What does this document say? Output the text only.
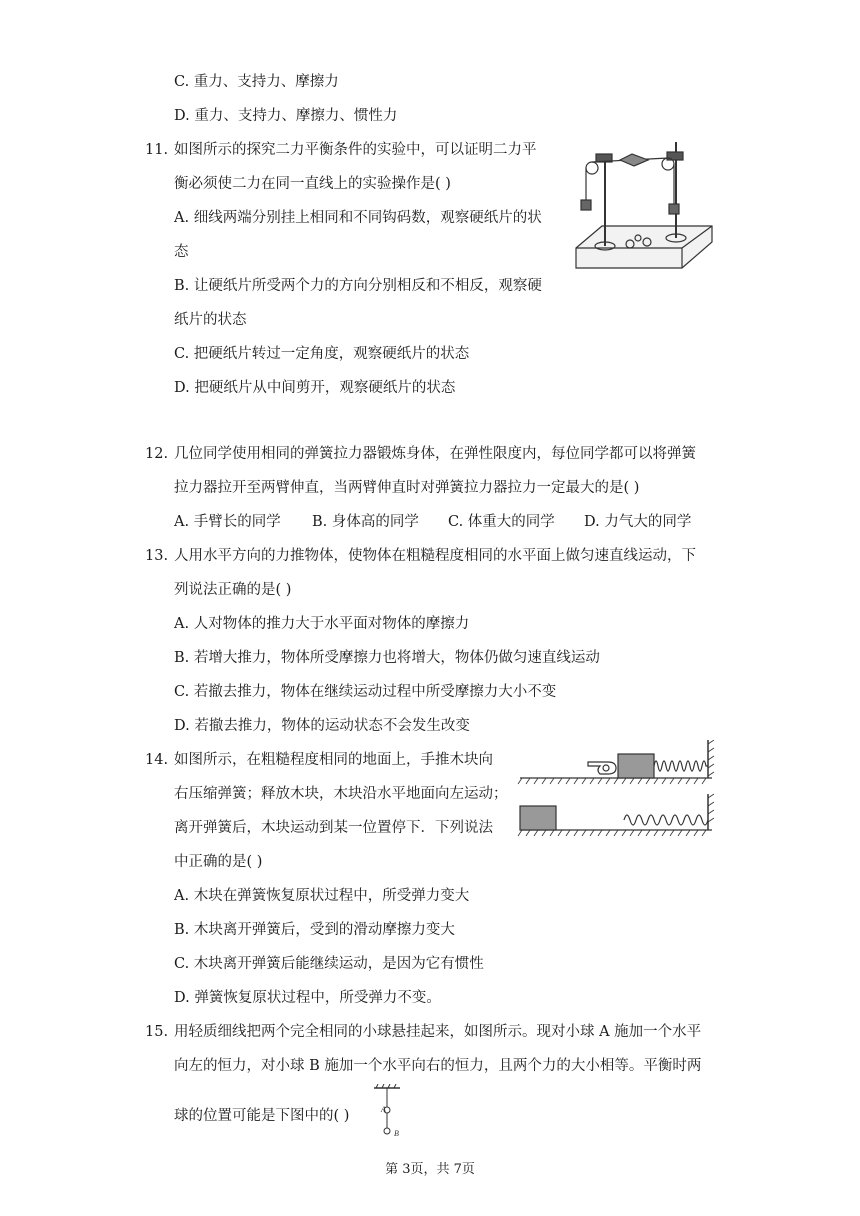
C. 重力、支持力、摩擦力
D. 重力、支持力、摩擦力、惯性力
11. 如图所示的探究二力平衡条件的实验中，可以证明二力平
衡必须使二力在同一直线上的实验操作是( )
A. 细线两端分别挂上相同和不同钩码数，观察硬纸片的状
态
B. 让硬纸片所受两个力的方向分别相反和不相反，观察硬
纸片的状态
C. 把硬纸片转过一定角度，观察硬纸片的状态
D. 把硬纸片从中间剪开，观察硬纸片的状态
12. 几位同学使用相同的弹簧拉力器锻炼身体，在弹性限度内，每位同学都可以将弹簧
拉力器拉开至两臂伸直，当两臂伸直时对弹簧拉力器拉力一定最大的是( )
A. 手臂长的同学 B. 身体高的同学 C. 体重大的同学 D. 力气大的同学
13. 人用水平方向的力推物体，使物体在粗糙程度相同的水平面上做匀速直线运动，下
列说法正确的是( )
A. 人对物体的推力大于水平面对物体的摩擦力
B. 若增大推力，物体所受摩擦力也将增大，物体仍做匀速直线运动
C. 若撤去推力，物体在继续运动过程中所受摩擦力大小不变
D. 若撤去推力，物体的运动状态不会发生改变
14. 如图所示，在粗糙程度相同的地面上，手推木块向
右压缩弹簧；释放木块，木块沿水平地面向左运动；
离开弹簧后，木块运动到某一位置停下．下列说法
中正确的是( )
A. 木块在弹簧恢复原状过程中，所受弹力变大
B. 木块离开弹簧后，受到的滑动摩擦力变大
C. 木块离开弹簧后能继续运动，是因为它有惯性
D. 弹簧恢复原状过程中，所受弹力不变。
15. 用轻质细线把两个完全相同的小球悬挂起来，如图所示。现对小球 A 施加一个水平
向左的恒力，对小球 B 施加一个水平向右的恒力，且两个力的大小相等。平衡时两
球的位置可能是下图中的( )	A
B
第 3页，共 7页
